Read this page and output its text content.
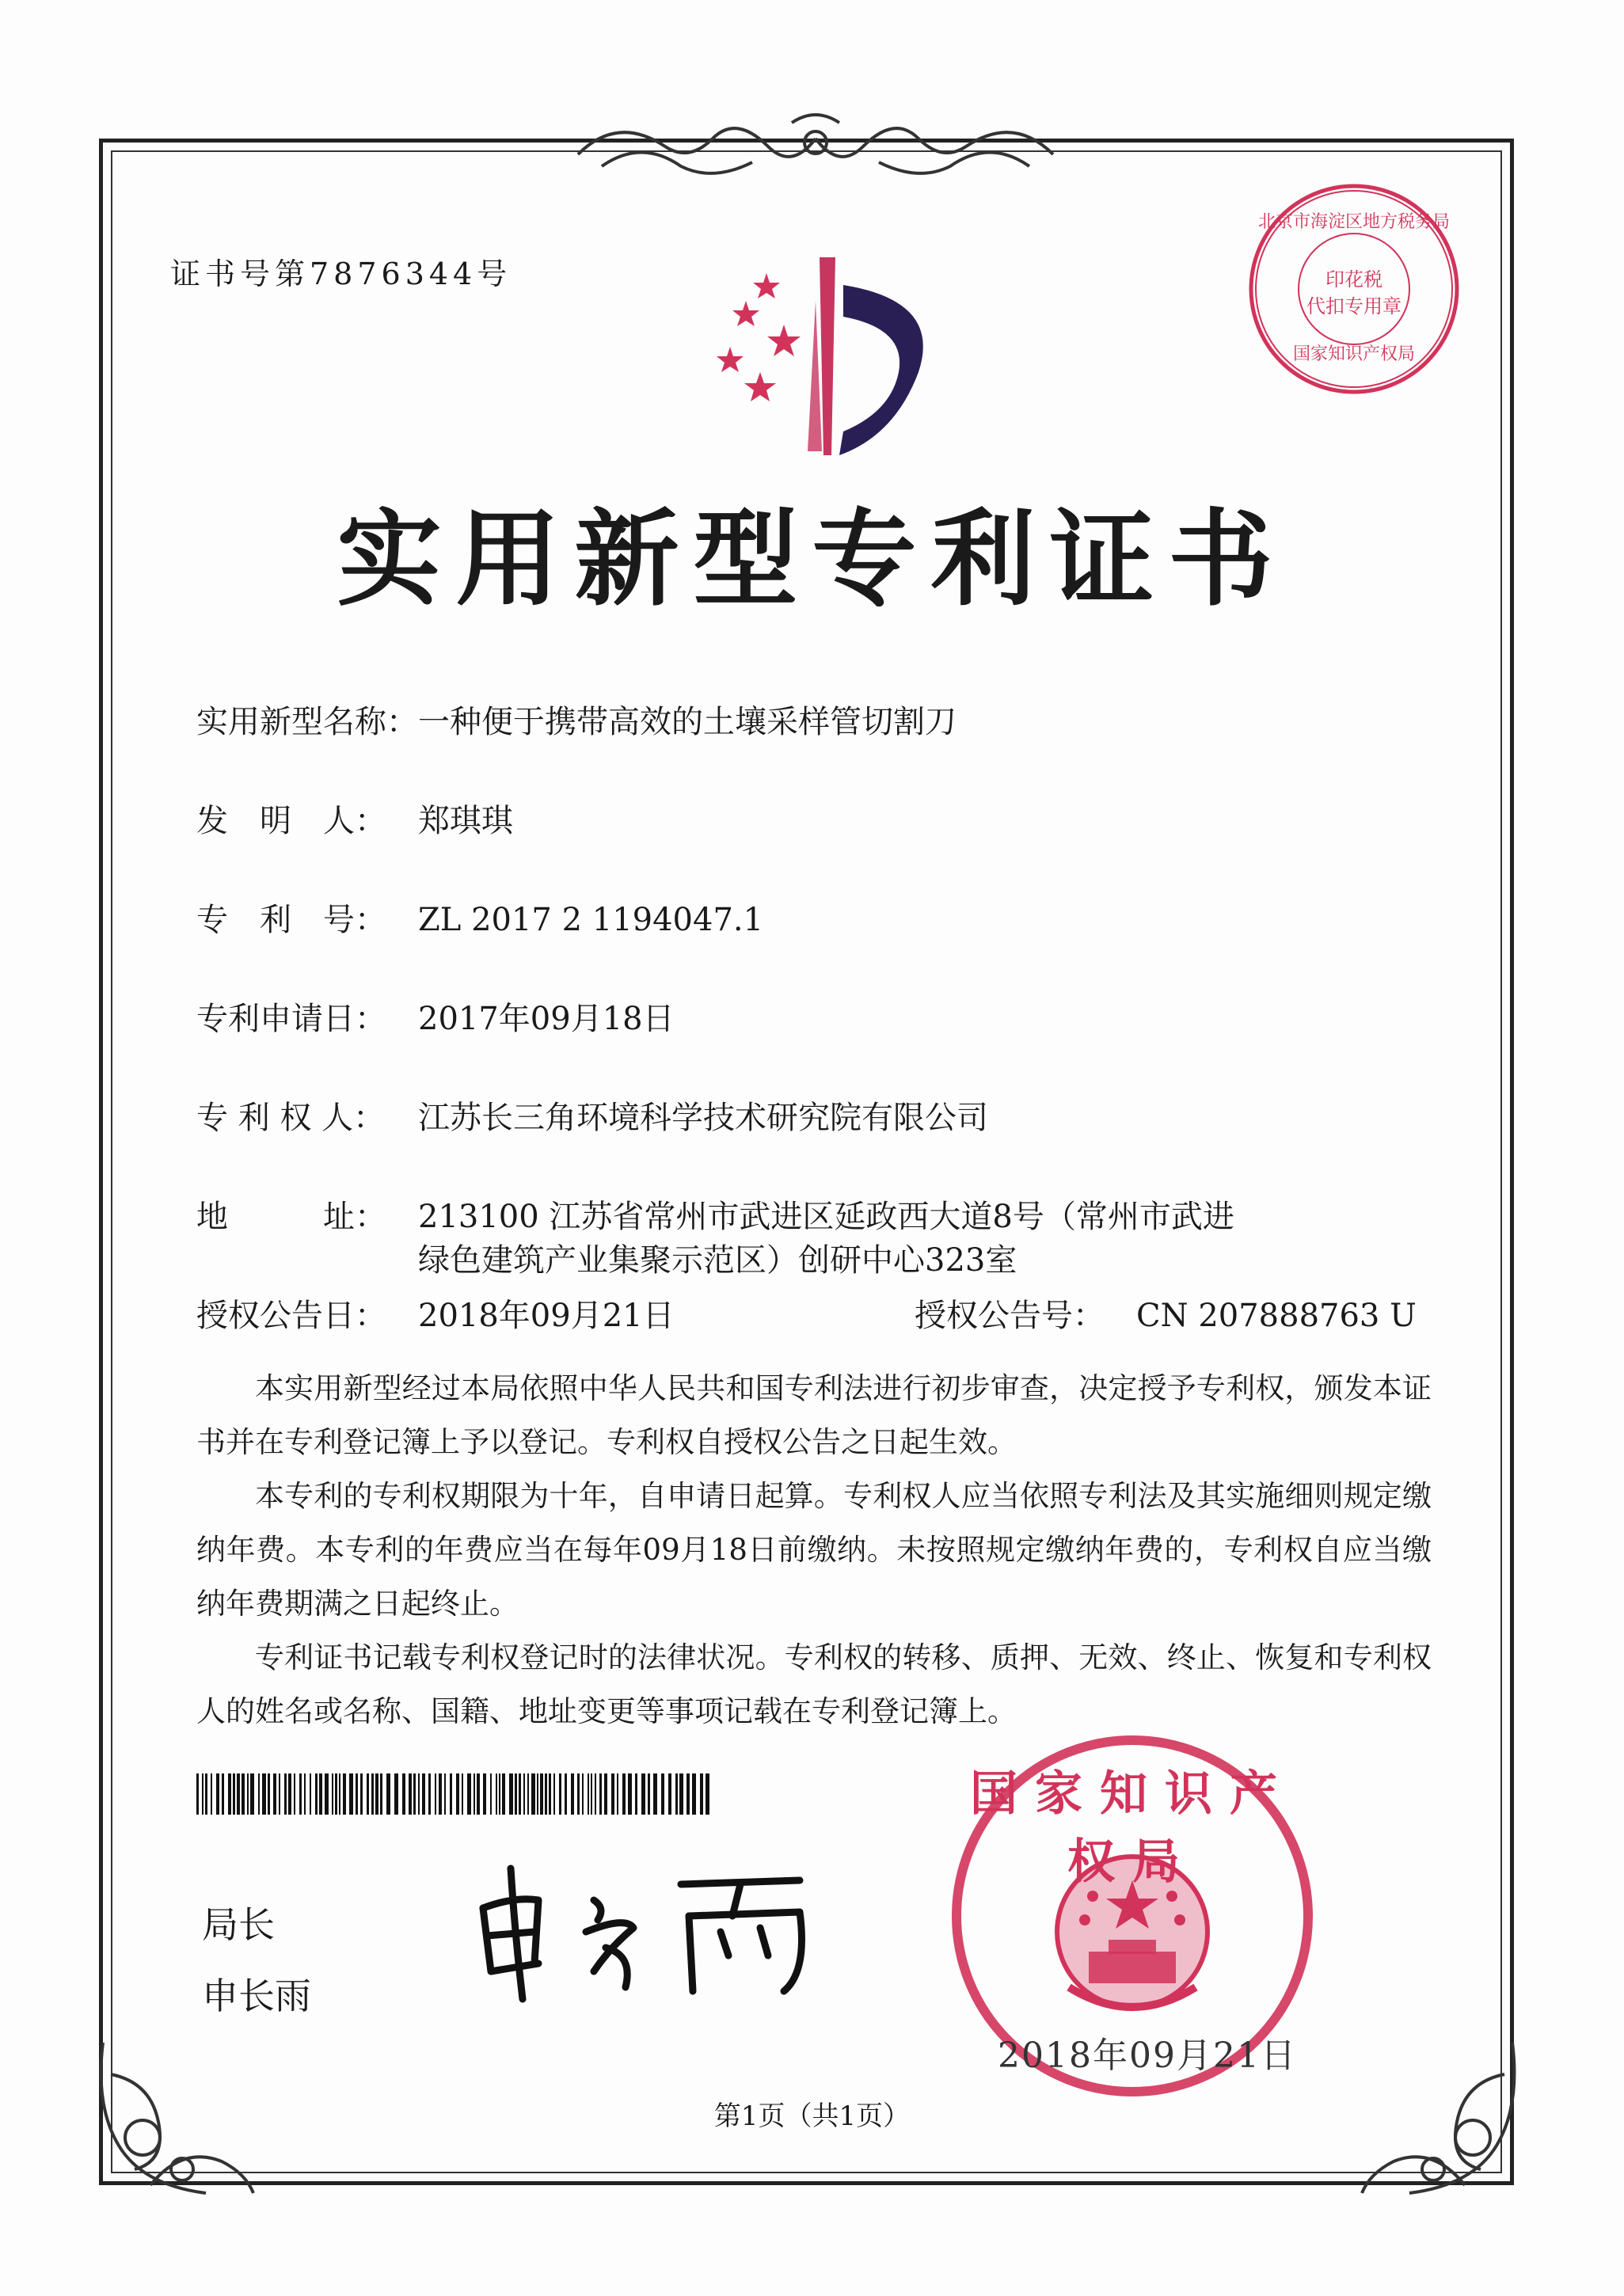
证书号第7876344号
北京市海淀区地方税务局
印花税
代扣专用章
国家知识产权局
实用新型专利证书
实用新型名称：一种便于携带高效的土壤采样管切割刀
发　明　人： 郑琪琪
专　利　号： ZL 2017 2 1194047.1
专利申请日： 2017年09月18日
专 利 权 人： 江苏长三角环境科学技术研究院有限公司
地　　　址： 213100 江苏省常州市武进区延政西大道8号（常州市武进
绿色建筑产业集聚示范区）创研中心323室
授权公告日： 2018年09月21日	授权公告号： CN 207888763 U

本实用新型经过本局依照中华人民共和国专利法进行初步审查，决定授予专利权，颁发本证书并在专利登记簿上予以登记。专利权自授权公告之日起生效。

本专利的专利权期限为十年，自申请日起算。专利权人应当依照专利法及其实施细则规定缴纳年费。本专利的年费应当在每年09月18日前缴纳。未按照规定缴纳年费的，专利权自应当缴纳年费期满之日起终止。

专利证书记载专利权登记时的法律状况。专利权的转移、质押、无效、终止、恢复和专利权人的姓名或名称、国籍、地址变更等事项记载在专利登记簿上。

局长
申长雨
国家知识产权局
2018年09月21日
第1页（共1页）
